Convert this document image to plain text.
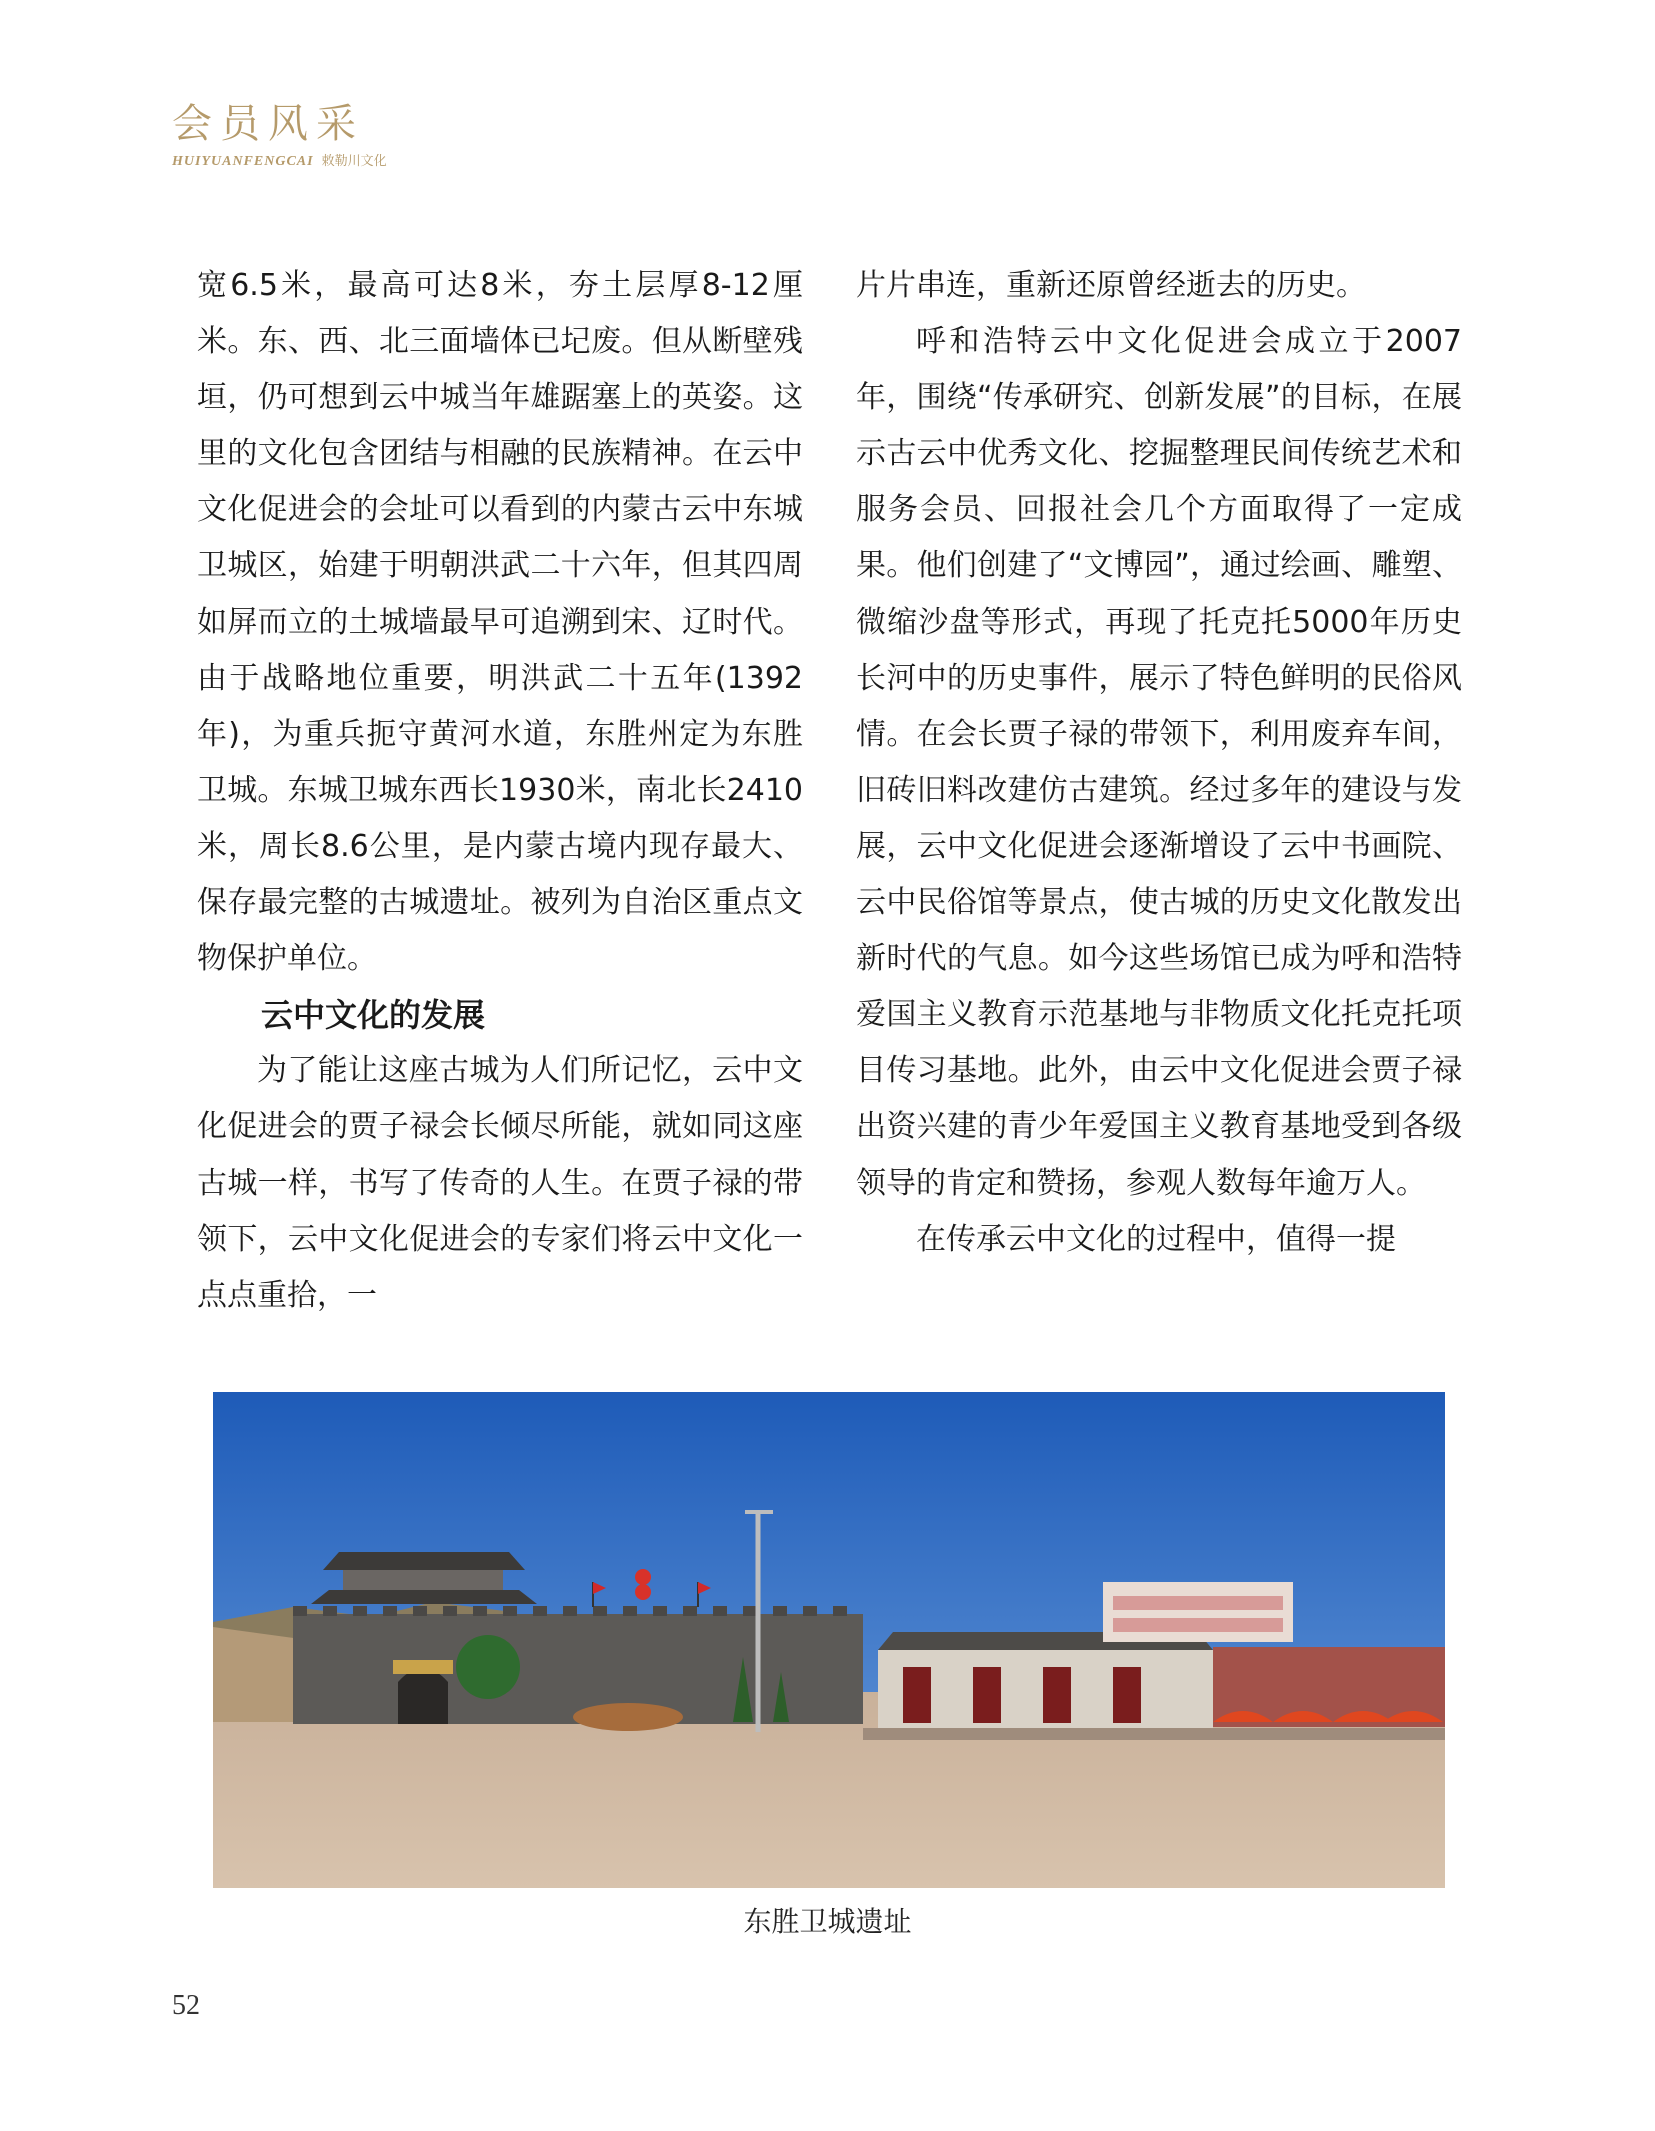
会员风采
HUIYUANFENGCAI 敕勒川文化

宽6.5米，最高可达8米，夯土层厚8-12厘米。东、西、北三面墙体已圮废。但从断壁残垣，仍可想到云中城当年雄踞塞上的英姿。这里的文化包含团结与相融的民族精神。在云中文化促进会的会址可以看到的内蒙古云中东城卫城区，始建于明朝洪武二十六年，但其四周如屏而立的土城墙最早可追溯到宋、辽时代。由于战略地位重要，明洪武二十五年(1392年)，为重兵扼守黄河水道，东胜州定为东胜卫城。东城卫城东西长1930米，南北长2410米，周长8.6公里，是内蒙古境内现存最大、保存最完整的古城遗址。被列为自治区重点文物保护单位。

云中文化的发展

为了能让这座古城为人们所记忆，云中文化促进会的贾子禄会长倾尽所能，就如同这座古城一样，书写了传奇的人生。在贾子禄的带领下，云中文化促进会的专家们将云中文化一点点重拾，一

片片串连，重新还原曾经逝去的历史。

呼和浩特云中文化促进会成立于2007年，围绕“传承研究、创新发展”的目标，在展示古云中优秀文化、挖掘整理民间传统艺术和服务会员、回报社会几个方面取得了一定成果。他们创建了“文博园”，通过绘画、雕塑、微缩沙盘等形式，再现了托克托5000年历史长河中的历史事件，展示了特色鲜明的民俗风情。在会长贾子禄的带领下，利用废弃车间，旧砖旧料改建仿古建筑。经过多年的建设与发展，云中文化促进会逐渐增设了云中书画院、云中民俗馆等景点，使古城的历史文化散发出新时代的气息。如今这些场馆已成为呼和浩特爱国主义教育示范基地与非物质文化托克托项目传习基地。此外，由云中文化促进会贾子禄出资兴建的青少年爱国主义教育基地受到各级领导的肯定和赞扬，参观人数每年逾万人。

在传承云中文化的过程中，值得一提

东胜卫城遗址
52
